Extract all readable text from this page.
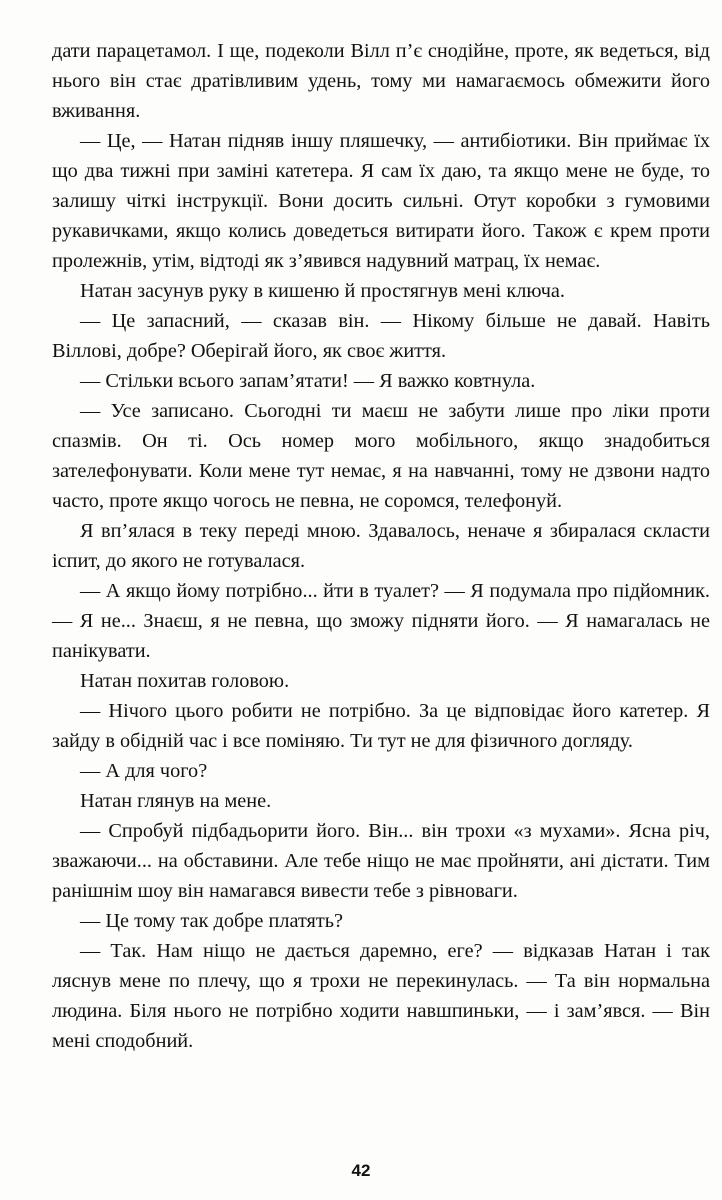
дати парацетамол. І ще, подеколи Вілл п’є снодійне, проте, як ведеться, від нього він стає дратівливим удень, тому ми намагаємось обмежити його вживання.

— Це, — Натан підняв іншу пляшечку, — антибіотики. Він приймає їх що два тижні при заміні катетера. Я сам їх даю, та якщо мене не буде, то залишу чіткі інструкції. Вони досить сильні. Отут коробки з гумовими рукавичками, якщо колись доведеться витирати його. Також є крем проти пролежнів, утім, відтоді як з’явився надувний матрац, їх немає.

Натан засунув руку в кишеню й простягнув мені ключа.

— Це запасний, — сказав він. — Нікому більше не давай. Навіть Віллові, добре? Оберігай його, як своє життя.

— Стільки всього запам’ятати! — Я важко ковтнула.

— Усе записано. Сьогодні ти маєш не забути лише про ліки проти спазмів. Он ті. Ось номер мого мобільного, якщо знадобиться зателефонувати. Коли мене тут немає, я на навчанні, тому не дзвони надто часто, проте якщо чогось не певна, не соромся, телефонуй.

Я вп’ялася в теку переді мною. Здавалось, неначе я збиралася скласти іспит, до якого не готувалася.

— А якщо йому потрібно... йти в туалет? — Я подумала про підйомник. — Я не... Знаєш, я не певна, що зможу підняти його. — Я намагалась не панікувати.

Натан похитав головою.

— Нічого цього робити не потрібно. За це відповідає його катетер. Я зайду в обідній час і все поміняю. Ти тут не для фізичного догляду.

— А для чого?

Натан глянув на мене.

— Спробуй підбадьорити його. Він... він трохи «з мухами». Ясна річ, зважаючи... на обставини. Але тебе ніщо не має пройняти, ані дістати. Тим ранішнім шоу він намагався вивести тебе з рівноваги.

— Це тому так добре платять?

— Так. Нам ніщо не дається даремно, еге? — відказав Натан і так ляснув мене по плечу, що я трохи не перекинулась. — Та він нормальна людина. Біля нього не потрібно ходити навшпиньки, — і зам’явся. — Він мені сподобний.

42
